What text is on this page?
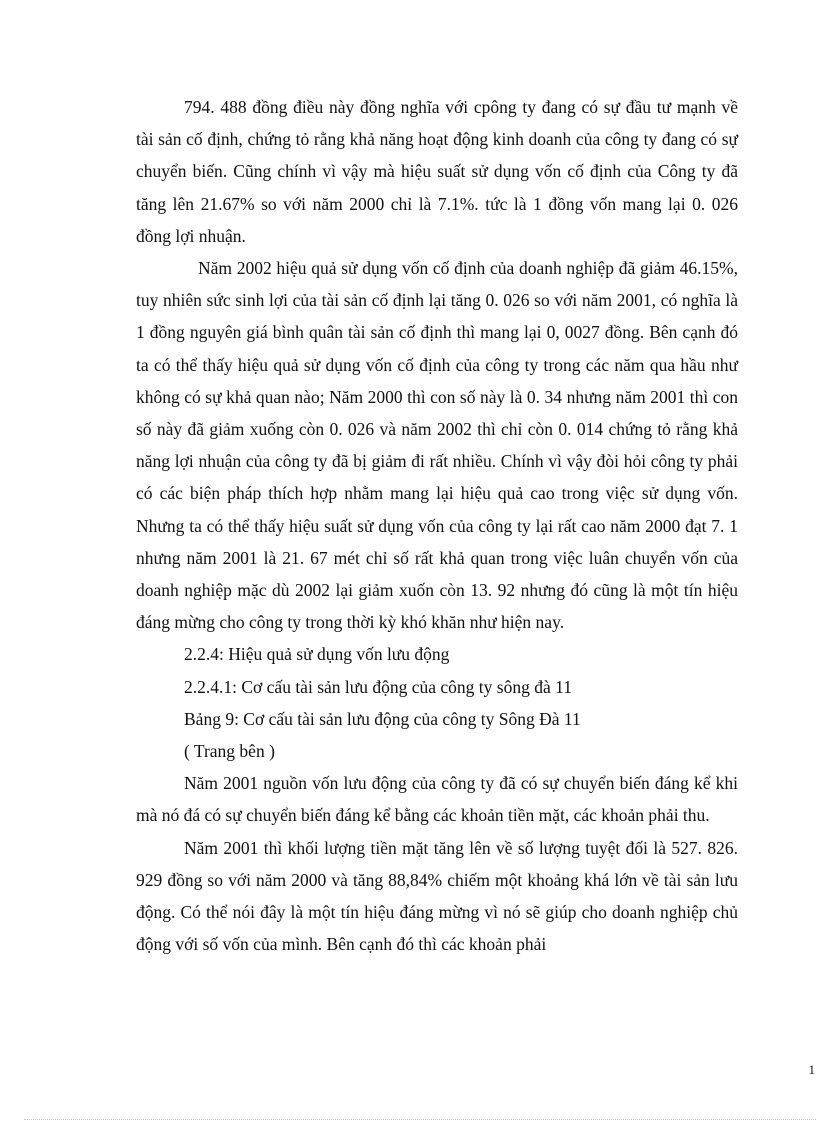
794. 488 đồng điều này đồng nghĩa với cpông ty đang có sự đầu tư mạnh về tài sản cố định, chứng tỏ rằng khả năng hoạt động kinh doanh của công ty đang có sự chuyển biến. Cũng chính vì vậy mà hiệu suất sử dụng vốn cố định của Công ty đã tăng lên 21.67% so với năm 2000 chỉ là 7.1%. tức là 1 đồng vốn mang lại 0. 026 đồng lợi nhuận.

Năm 2002 hiệu quả sử dụng vốn cố định của doanh nghiệp đã giảm 46.15%, tuy nhiên sức sinh lợi của tài sản cố định lại tăng 0. 026 so với năm 2001, có nghĩa là 1 đồng nguyên giá bình quân tài sản cố định thì mang lại 0, 0027 đồng. Bên cạnh đó ta có thể thấy hiệu quả sử dụng vốn cố định của công ty trong các năm qua hầu như không có sự khả quan nào; Năm 2000 thì con số này là 0. 34 nhưng năm 2001 thì con số này đã giảm xuống còn 0. 026 và năm 2002 thì chỉ còn 0. 014 chứng tỏ rằng khả năng lợi nhuận của công ty đã bị giảm đi rất nhiều. Chính vì vậy đòi hỏi công ty phải có các biện pháp thích hợp nhằm mang lại hiệu quả cao trong việc sử dụng vốn. Nhưng ta có thể thấy hiệu suất sử dụng vốn của công ty lại rất cao năm 2000 đạt 7. 1 nhưng năm 2001 là 21. 67 mét chỉ số rất khả quan trong việc luân chuyển vốn của doanh nghiệp mặc dù 2002 lại giảm xuốn còn 13. 92 nhưng đó cũng là một tín hiệu đáng mừng cho công ty trong thời kỳ khó khăn như hiện nay.

2.2.4: Hiệu quả sử dụng vốn lưu động

2.2.4.1: Cơ cấu tài sản lưu động của công ty sông đà 11

Bảng 9: Cơ cấu tài sản lưu động của công ty Sông Đà 11

( Trang bên )

Năm 2001 nguồn vốn lưu động của công ty đã có sự chuyển biến đáng kể khi mà nó đá có sự chuyển biến đáng kể bằng các khoản tiền mặt, các khoản phải thu.

Năm 2001 thì khối lượng tiền mặt tăng lên về số lượng tuyệt đối là 527. 826. 929 đồng so với năm 2000 và tăng 88,84% chiếm một khoảng khá lớn về tài sản lưu động. Có thể nói đây là một tín hiệu đáng mừng vì nó sẽ giúp cho doanh nghiệp chủ động với số vốn của mình. Bên cạnh đó thì các khoản phải

1
